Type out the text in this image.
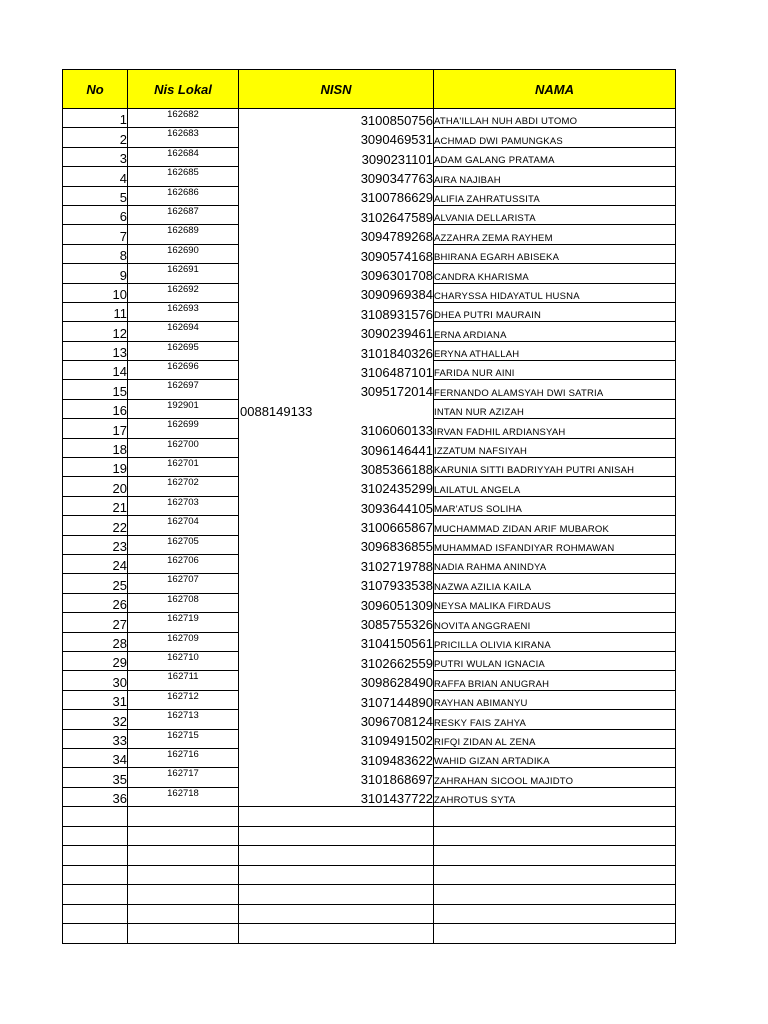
No	Nis Lokal	NISN	NAMA
1	162682	3100850756	ATHA'ILLAH NUH ABDI UTOMO
2	162683	3090469531	ACHMAD DWI PAMUNGKAS
3	162684	3090231101	ADAM GALANG PRATAMA
4	162685	3090347763	AIRA NAJIBAH
5	162686	3100786629	ALIFIA ZAHRATUSSITA
6	162687	3102647589	ALVANIA DELLARISTA
7	162689	3094789268	AZZAHRA ZEMA RAYHEM
8	162690	3090574168	BHIRANA EGARH ABISEKA
9	162691	3096301708	CANDRA KHARISMA
10	162692	3090969384	CHARYSSA HIDAYATUL HUSNA
11	162693	3108931576	DHEA PUTRI MAURAIN
12	162694	3090239461	ERNA ARDIANA
13	162695	3101840326	ERYNA ATHALLAH
14	162696	3106487101	FARIDA NUR AINI
15	162697	3095172014	FERNANDO ALAMSYAH DWI SATRIA
16	192901	0088149133	INTAN NUR AZIZAH
17	162699	3106060133	IRVAN FADHIL ARDIANSYAH
18	162700	3096146441	IZZATUM NAFSIYAH
19	162701	3085366188	KARUNIA SITTI BADRIYYAH PUTRI ANISAH
20	162702	3102435299	LAILATUL ANGELA
21	162703	3093644105	MAR'ATUS SOLIHA
22	162704	3100665867	MUCHAMMAD ZIDAN ARIF MUBAROK
23	162705	3096836855	MUHAMMAD ISFANDIYAR ROHMAWAN
24	162706	3102719788	NADIA RAHMA ANINDYA
25	162707	3107933538	NAZWA AZILIA KAILA
26	162708	3096051309	NEYSA MALIKA FIRDAUS
27	162719	3085755326	NOVITA ANGGRAENI
28	162709	3104150561	PRICILLA OLIVIA KIRANA
29	162710	3102662559	PUTRI WULAN IGNACIA
30	162711	3098628490	RAFFA BRIAN ANUGRAH
31	162712	3107144890	RAYHAN ABIMANYU
32	162713	3096708124	RESKY FAIS ZAHYA
33	162715	3109491502	RIFQI ZIDAN AL ZENA
34	162716	3109483622	WAHID GIZAN ARTADIKA
35	162717	3101868697	ZAHRAHAN SICOOL MAJIDTO
36	162718	3101437722	ZAHROTUS SYTA
